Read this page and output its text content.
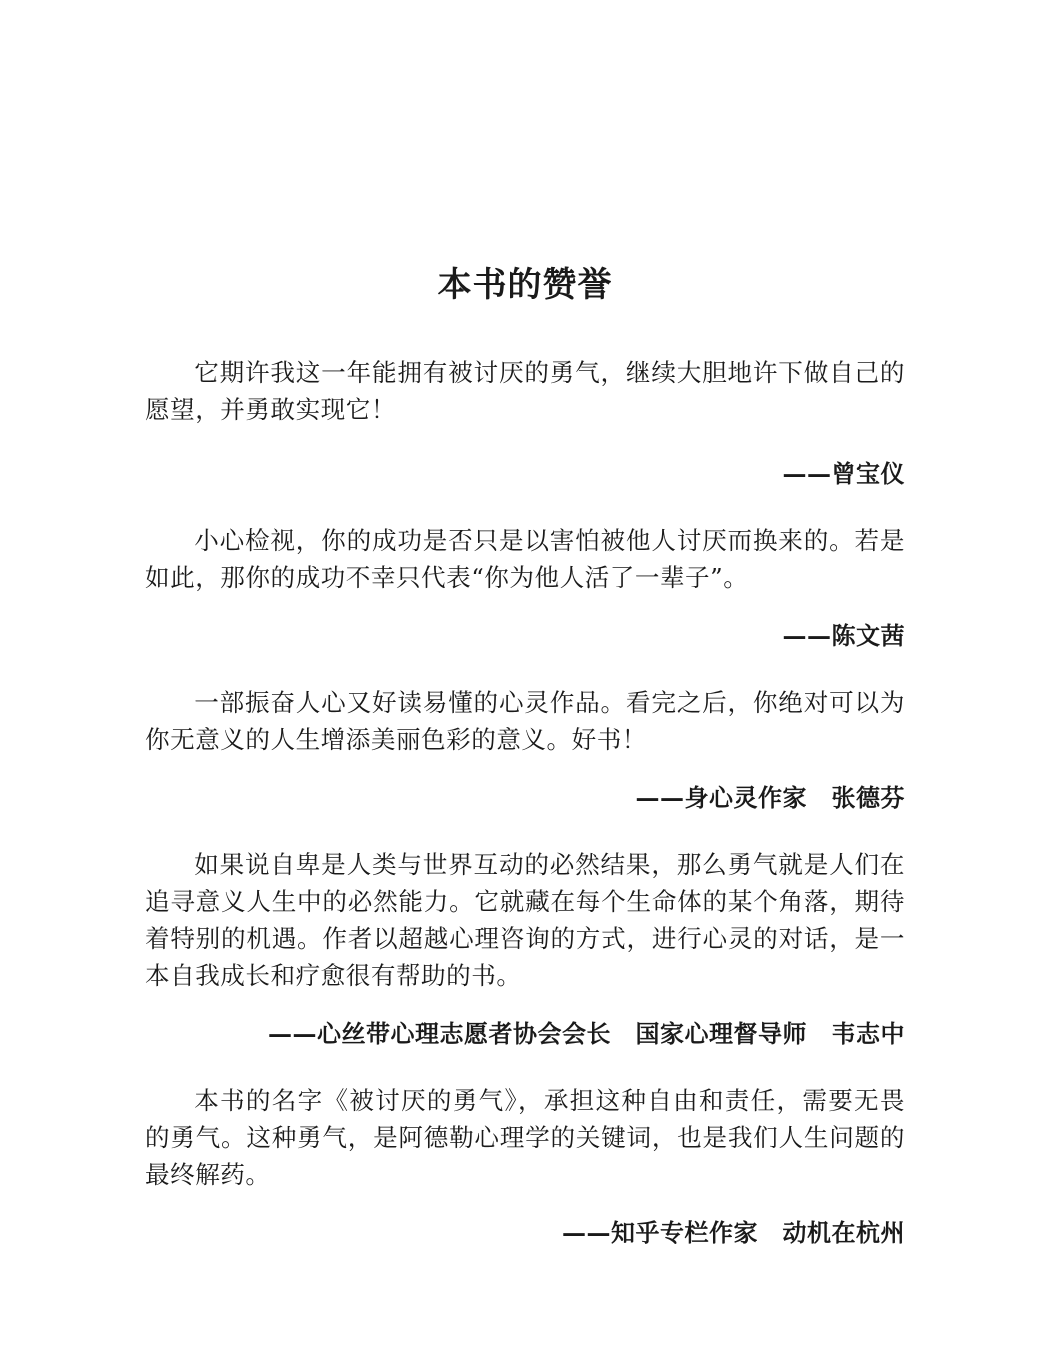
本书的赞誉

它期许我这一年能拥有被讨厌的勇气，继续大胆地许下做自己的愿望，并勇敢实现它！

——曾宝仪

小心检视，你的成功是否只是以害怕被他人讨厌而换来的。若是如此，那你的成功不幸只代表“你为他人活了一辈子”。

——陈文茜

一部振奋人心又好读易懂的心灵作品。看完之后，你绝对可以为你无意义的人生增添美丽色彩的意义。好书！

——身心灵作家　张德芬

如果说自卑是人类与世界互动的必然结果，那么勇气就是人们在追寻意义人生中的必然能力。它就藏在每个生命体的某个角落，期待着特别的机遇。作者以超越心理咨询的方式，进行心灵的对话，是一本自我成长和疗愈很有帮助的书。

——心丝带心理志愿者协会会长　国家心理督导师　韦志中

本书的名字《被讨厌的勇气》，承担这种自由和责任，需要无畏的勇气。这种勇气，是阿德勒心理学的关键词，也是我们人生问题的最终解药。

——知乎专栏作家　动机在杭州
